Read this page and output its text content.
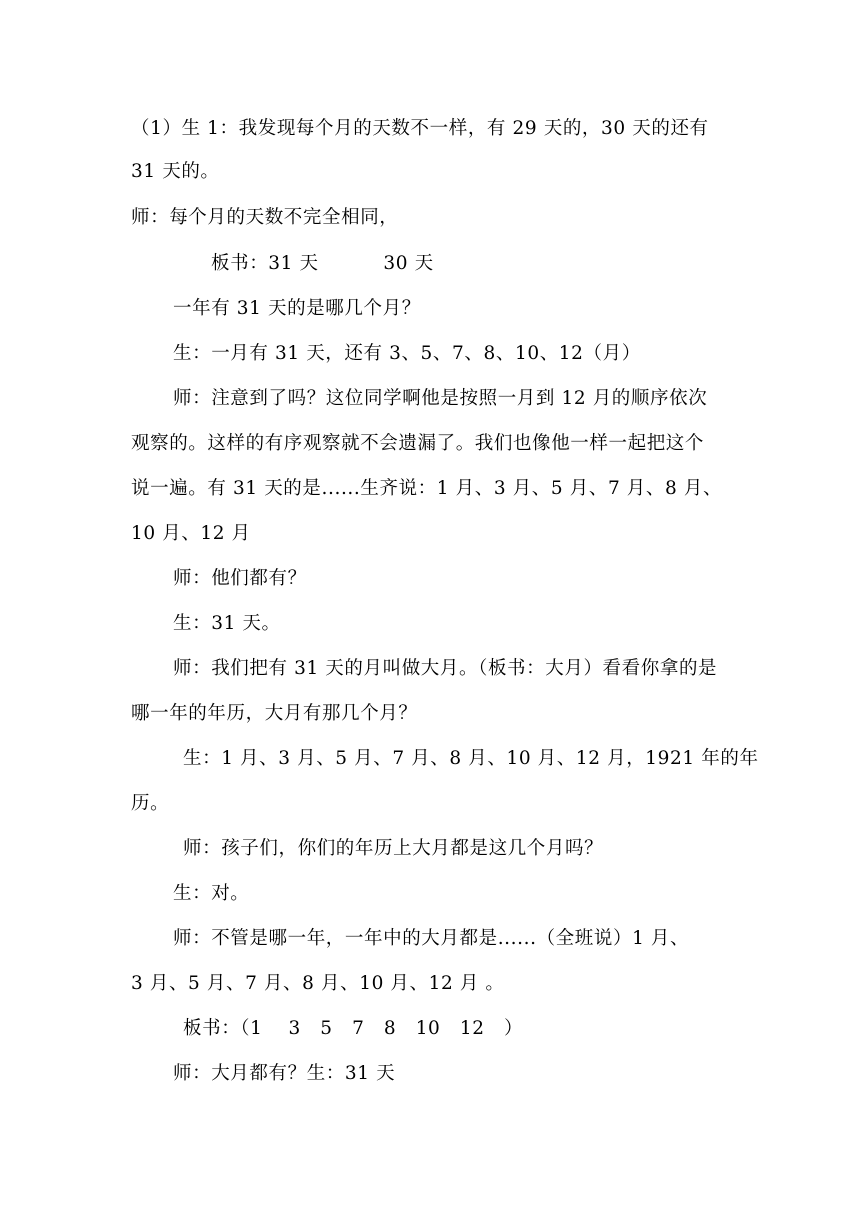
（1）生 1：我发现每个月的天数不一样，有 29 天的，30 天的还有
31 天的。
师：每个月的天数不完全相同，
板书：31 天          30 天
一年有 31 天的是哪几个月？
生：一月有 31 天，还有 3、5、7、8、10、12（月）
师：注意到了吗？这位同学啊他是按照一月到 12 月的顺序依次
观察的。这样的有序观察就不会遗漏了。我们也像他一样一起把这个
说一遍。有 31 天的是......生齐说：1 月、3 月、5 月、7 月、8 月、
10 月、12 月
师：他们都有？
生：31 天。
师：我们把有 31 天的月叫做大月。（板书：大月）看看你拿的是
哪一年的年历，大月有那几个月？
生：1 月、3 月、5 月、7 月、8 月、10 月、12 月，1921 年的年
历。
师：孩子们，你们的年历上大月都是这几个月吗？
生：对。
师：不管是哪一年，一年中的大月都是......（全班说）1 月、
3 月、5 月、7 月、8 月、10 月、12 月 。
板书：（1    3   5   7   8   10   12   ）
师：大月都有？生：31 天
